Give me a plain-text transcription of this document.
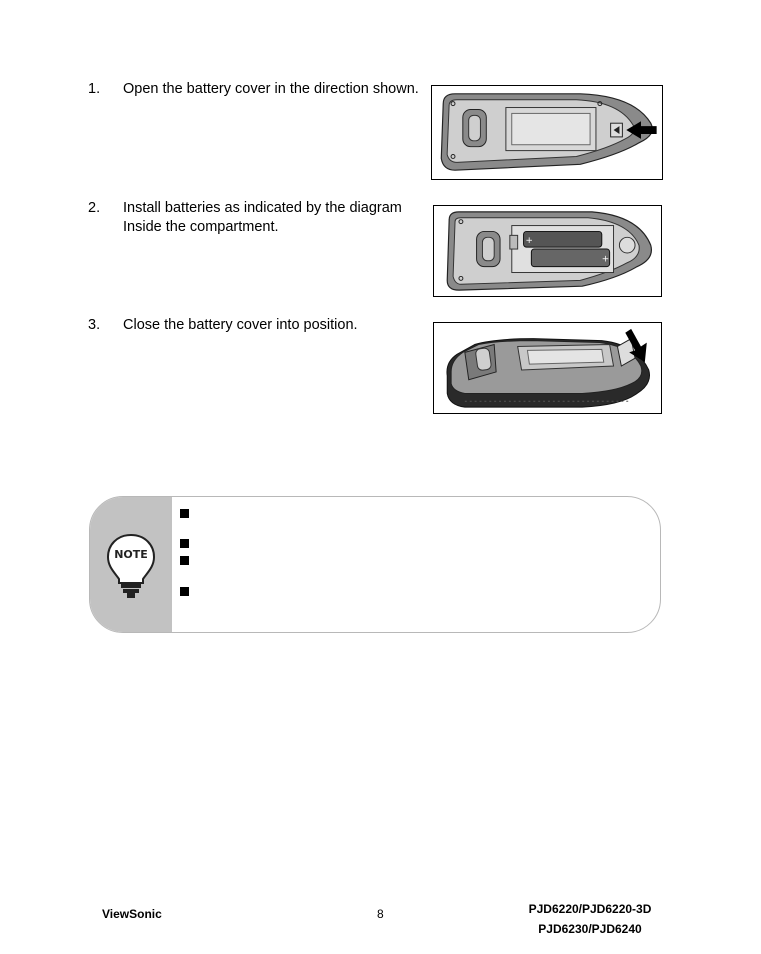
1. Open the battery cover in the direction shown.
2. Install batteries as indicated by the diagram Inside the compartment.
+
+
3. Close the battery cover into position.
NOTE
ViewSonic	8	PJD6220/PJD6220-3D
PJD6230/PJD6240
